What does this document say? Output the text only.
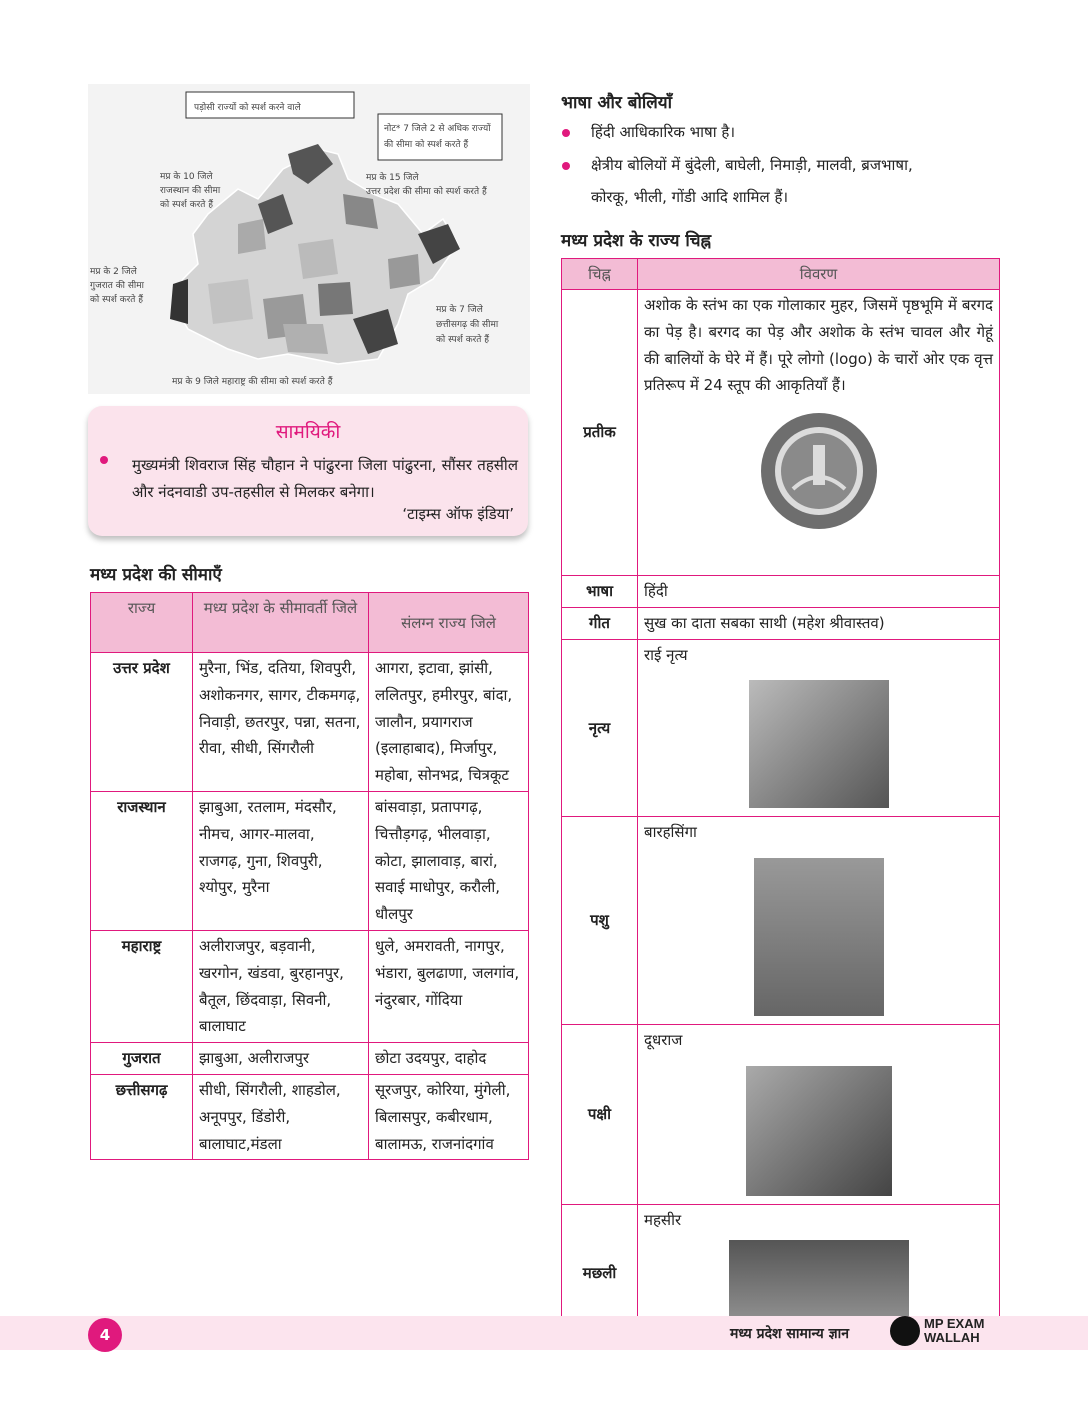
पड़ोसी राज्यों को स्पर्श करने वाले
नोट* 7 जिले 2 से अधिक राज्यों
की सीमा को स्पर्श करते हैं
मप्र के 10 जिले
राजस्थान की सीमा
को स्पर्श करते हैं
मप्र के 15 जिले
उत्तर प्रदेश की सीमा को स्पर्श करते हैं
मप्र के 2 जिले
गुजरात की सीमा
को स्पर्श करते हैं
मप्र के 7 जिले
छत्तीसगढ़ की सीमा
को स्पर्श करते हैं
मप्र के 9 जिले महाराष्ट्र की सीमा को स्पर्श करते हैं
सामयिकी
मुख्यमंत्री शिवराज सिंह चौहान ने पांढुरना जिला पांढुरना, सौंसर तहसील और नंदनवाडी उप-तहसील से मिलकर बनेगा।
‘टाइम्स ऑफ इंडिया’
मध्य प्रदेश की सीमाएँ
राज्य	मध्य प्रदेश के सीमावर्ती जिले	संलग्न राज्य जिले
उत्तर प्रदेश	मुरैना, भिंड, दतिया, शिवपुरी, अशोकनगर, सागर, टीकमगढ़, निवाड़ी, छतरपुर, पन्ना, सतना, रीवा, सीधी, सिंगरौली	आगरा, इटावा, झांसी, ललितपुर, हमीरपुर, बांदा, जालौन, प्रयागराज (इलाहाबाद), मिर्जापुर, महोबा, सोनभद्र, चित्रकूट
राजस्थान	झाबुआ, रतलाम, मंदसौर, नीमच, आगर-मालवा, राजगढ़, गुना, शिवपुरी, श्योपुर, मुरैना	बांसवाड़ा, प्रतापगढ़, चित्तौड़गढ़, भीलवाड़ा, कोटा, झालावाड़, बारां, सवाई माधोपुर, करौली, धौलपुर
महाराष्ट्र	अलीराजपुर, बड़वानी, खरगोन, खंडवा, बुरहानपुर, बैतूल, छिंदवाड़ा, सिवनी, बालाघाट	धुले, अमरावती, नागपुर, भंडारा, बुलढाणा, जलगांव, नंदुरबार, गोंदिया
गुजरात	झाबुआ, अलीराजपुर	छोटा उदयपुर, दाहोद
छत्तीसगढ़	सीधी, सिंगरौली, शाहडोल, अनूपपुर, डिंडोरी, बालाघाट,मंडला	सूरजपुर, कोरिया, मुंगेली, बिलासपुर, कबीरधाम, बालामऊ, राजनांदगांव
भाषा और बोलियाँ
हिंदी आधिकारिक भाषा है।
क्षेत्रीय बोलियों में बुंदेली, बाघेली, निमाड़ी, मालवी, ब्रजभाषा,
कोरकू, भीली, गोंडी आदि शामिल हैं।
मध्य प्रदेश के राज्य चिह्न
चिह्न	विवरण
प्रतीक	अशोक के स्तंभ का एक गोलाकार मुहर, जिसमें पृष्ठभूमि में बरगद का पेड़ है। बरगद का पेड़ और अशोक के स्तंभ चावल और गेहूं की बालियों के घेरे में हैं। पूरे लोगो (logo) के चारों ओर एक वृत्त प्रतिरूप में 24 स्तूप की आकृतियाँ हैं।

भाषा	हिंदी
गीत	सुख का दाता सबका साथी (महेश श्रीवास्तव)
नृत्य	राई नृत्य

पशु	बारहसिंगा

पक्षी	दूधराज

मछली	महसीर
4	मध्य प्रदेश सामान्य ज्ञान
MP EXAM
WALLAH
